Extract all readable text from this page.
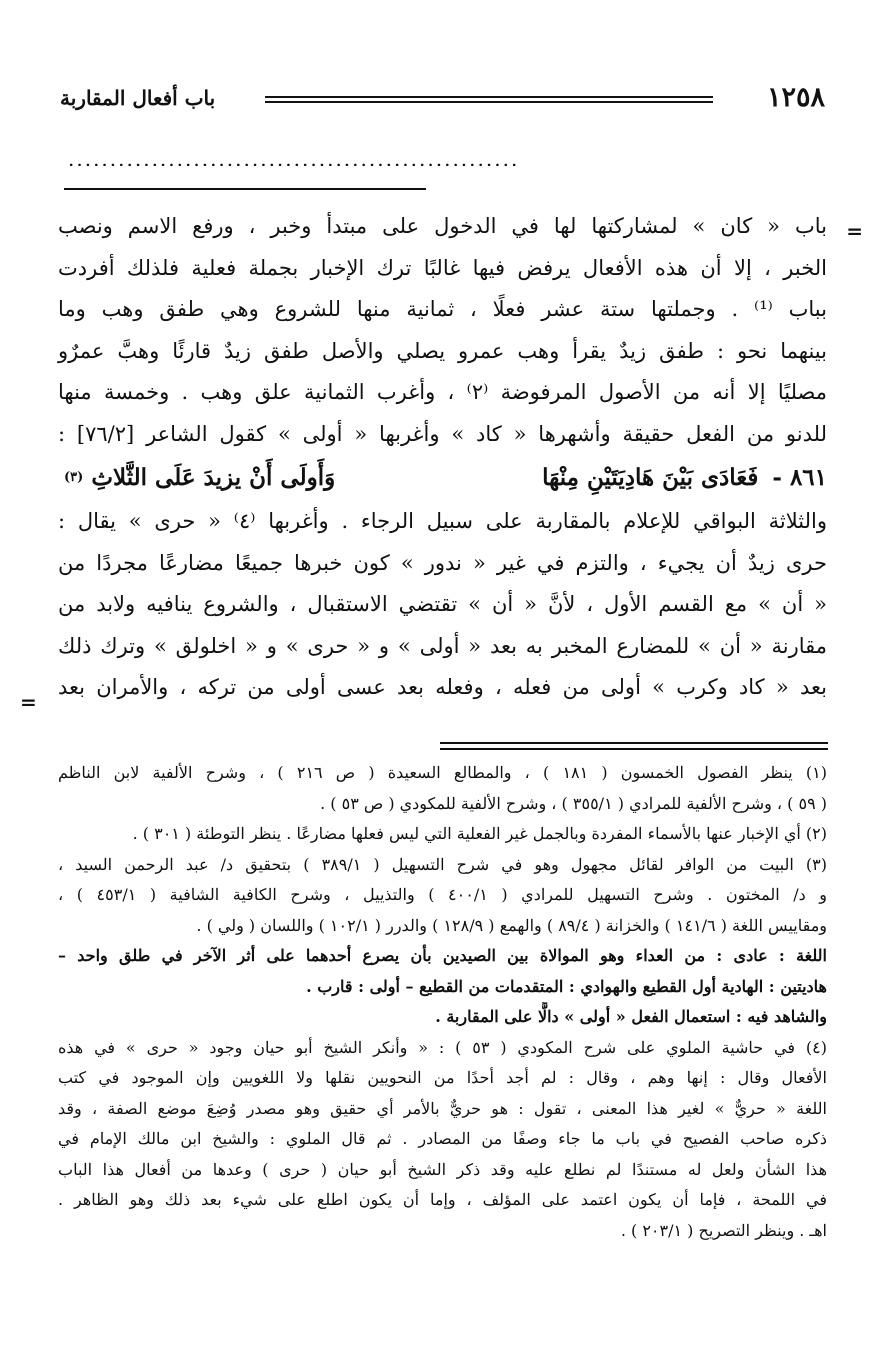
١٢٥٨
باب أفعال المقاربة
......................................................
=
=

باب « كان » لمشاركتها لها في الدخول على مبتدأ وخبر ، ورفع الاسم ونصب

الخبر ، إلا أن هذه الأفعال يرفض فيها غالبًا ترك الإخبار بجملة فعلية فلذلك أفردت

بباب ⁽¹⁾ . وجملتها ستة عشر فعلًا ، ثمانية منها للشروع وهي طفق وهب وما

بينهما نحو : طفق زيدٌ يقرأ وهب عمرو يصلي والأصل طفق زيدٌ قارئًا وهبَّ عمرٌو

مصليًا إلا أنه من الأصول المرفوضة ⁽٢⁾ ، وأغرب الثمانية علق وهب . وخمسة منها

للدنو من الفعل حقيقة وأشهرها « كاد » وأغربها « أولى » كقول الشاعر [٧٦/٢] :

٨٦١ -
فَعَادَى بَيْنَ هَادِيَتَيْنِ مِنْهَا
وَأَولَى أَنْ يزيدَ عَلَى الثَّلاثِ $^{(٣)}$

والثلاثة البواقي للإعلام بالمقاربة على سبيل الرجاء . وأغربها ⁽٤⁾ « حرى » يقال :

حرى زيدٌ أن يجيء ، والتزم في غير « ندور » كون خبرها جميعًا مضارعًا مجردًا من

« أن » مع القسم الأول ، لأنَّ « أن » تقتضي الاستقبال ، والشروع ينافيه ولابد من

مقارنة « أن » للمضارع المخبر به بعد « أولى » و « حرى » و « اخلولق » وترك ذلك

بعد « كاد وكرب » أولى من فعله ، وفعله بعد عسى أولى من تركه ، والأمران بعد

(١) ينظر الفصول الخمسون ( ١٨١ ) ، والمطالع السعيدة ( ص ٢١٦ ) ، وشرح الألفية لابن الناظم

( ٥٩ ) ، وشرح الألفية للمرادي ( ٣٥٥/١ ) ، وشرح الألفية للمكودي ( ص ٥٣ ) .

(٢) أي الإخبار عنها بالأسماء المفردة وبالجمل غير الفعلية التي ليس فعلها مضارعًا . ينظر التوطئة ( ٣٠١ ) .

(٣) البيت من الوافر لقائل مجهول وهو في شرح التسهيل ( ٣٨٩/١ ) بتحقيق د/ عبد الرحمن السيد ،

و د/ المختون . وشرح التسهيل للمرادي ( ٤٠٠/١ ) والتذييل ، وشرح الكافية الشافية ( ٤٥٣/١ ) ،

ومقاييس اللغة ( ١٤١/٦ ) والخزانة ( ٨٩/٤ ) والهمع ( ١٢٨/٩ ) والدرر ( ١٠٢/١ ) واللسان ( ولي ) .

اللغة : عادى : من العداء وهو الموالاة بين الصيدين بأن يصرع أحدهما على أثر الآخر في طلق واحد –

هاديتين : الهادية أول القطيع والهوادي : المتقدمات من القطيع – أولى : قارب .

والشاهد فيه : استعمال الفعل « أولى » دالًّا على المقاربة .

(٤) في حاشية الملوي على شرح المكودي ( ٥٣ ) : « وأنكر الشيخ أبو حيان وجود « حرى » في هذه

الأفعال وقال : إنها وهم ، وقال : لم أجد أحدًا من النحويين نقلها ولا اللغويين وإن الموجود في كتب

اللغة « حريٌّ » لغير هذا المعنى ، تقول : هو حريٌّ بالأمر أي حقيق وهو مصدر وُضِعَ موضع الصفة ، وقد

ذكره صاحب الفصيح في باب ما جاء وصفًا من المصادر . ثم قال الملوي : والشيخ ابن مالك الإمام في

هذا الشأن ولعل له مستندًا لم نطلع عليه وقد ذكر الشيخ أبو حيان ( حرى ) وعدها من أفعال هذا الباب

في اللمحة ، فإما أن يكون اعتمد على المؤلف ، وإما أن يكون اطلع على شيء بعد ذلك وهو الظاهر .

اهـ . وينظر التصريح ( ٢٠٣/١ ) .
